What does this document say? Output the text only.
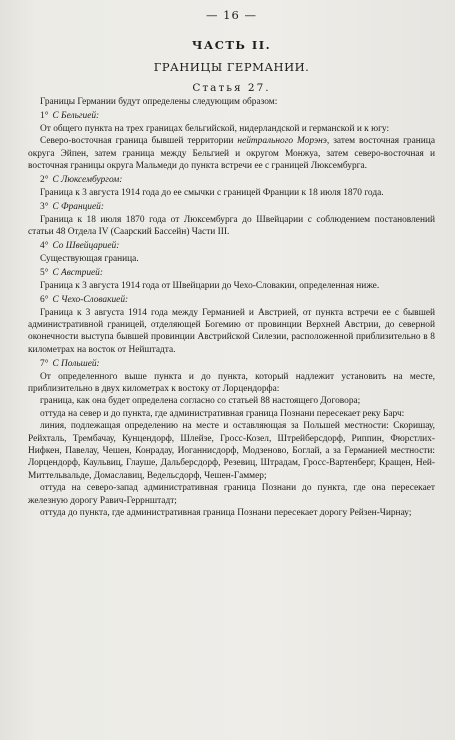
— 16 —
ЧАСТЬ II.
ГРАНИЦЫ ГЕРМАНИИ.
Статья 27.

Границы Германии будут определены следующим образом:

1° С Бельгией:

От общего пункта на трех границах бельгийской, нидерландской и германской и к югу:

Северо-восточная граница бывшей территории нейтрального Морэнэ, затем восточная граница округа Эйпен, затем граница между Бельгией и округом Монжуа, затем северо-восточная и восточная границы округа Мальмеди до пункта встречи ее с границей Люксембурга.

2° С Люксембургом:

Граница к 3 августа 1914 года до ее смычки с границей Франции к 18 июля 1870 года.

3° С Францией:

Граница к 18 июля 1870 года от Люксембурга до Швейцарии с соблюдением постановлений статьи 48 Отдела IV (Саарский Бассейн) Части III.

4° Со Швейцарией:

Существующая граница.

5° С Австрией:

Граница к 3 августа 1914 года от Швейцарии до Чехо-Словакии, определенная ниже.

6° С Чехо-Словакией:

Граница к 3 августа 1914 года между Германией и Австрией, от пункта встречи ее с бывшей административной границей, отделяющей Богемию от провинции Верхней Австрии, до северной оконечности выступа бывшей провинции Австрийской Силезии, расположенной приблизительно в 8 километрах на восток от Нейштадта.

7° С Польшей:

От определенного выше пункта и до пункта, который надлежит установить на месте, приблизительно в двух километрах к востоку от Лорцендорфа:

граница, как она будет определена согласно со статьей 88 настоящего Договора;

оттуда на север и до пункта, где административная граница Познани пересекает реку Барч:

линия, подлежащая определению на месте и оставляющая за Польшей местности: Скоришау, Рейхталь, Трембачау, Кунцендорф, Шлейзе, Гросс-Козел, Штрейберсдорф, Риппин, Фюрстлих-Нифкен, Павелау, Чешен, Конрадау, Иоганнисдорф, Модзеново, Боглай, а за Германией местности: Лорцендорф, Каульвиц, Глауше, Дальберсдорф, Резевиц, Штрадам, Гросс-Вартенберг, Кращен, Ней-Миттельвальде, Домаславиц, Ведельсдорф, Чешен-Гаммер;

оттуда на северо-запад административная граница Познани до пункта, где она пересекает железную дорогу Равич-Геррнштадт;

оттуда до пункта, где административная граница Познани пересекает дорогу Рейзен-Чирнау;
